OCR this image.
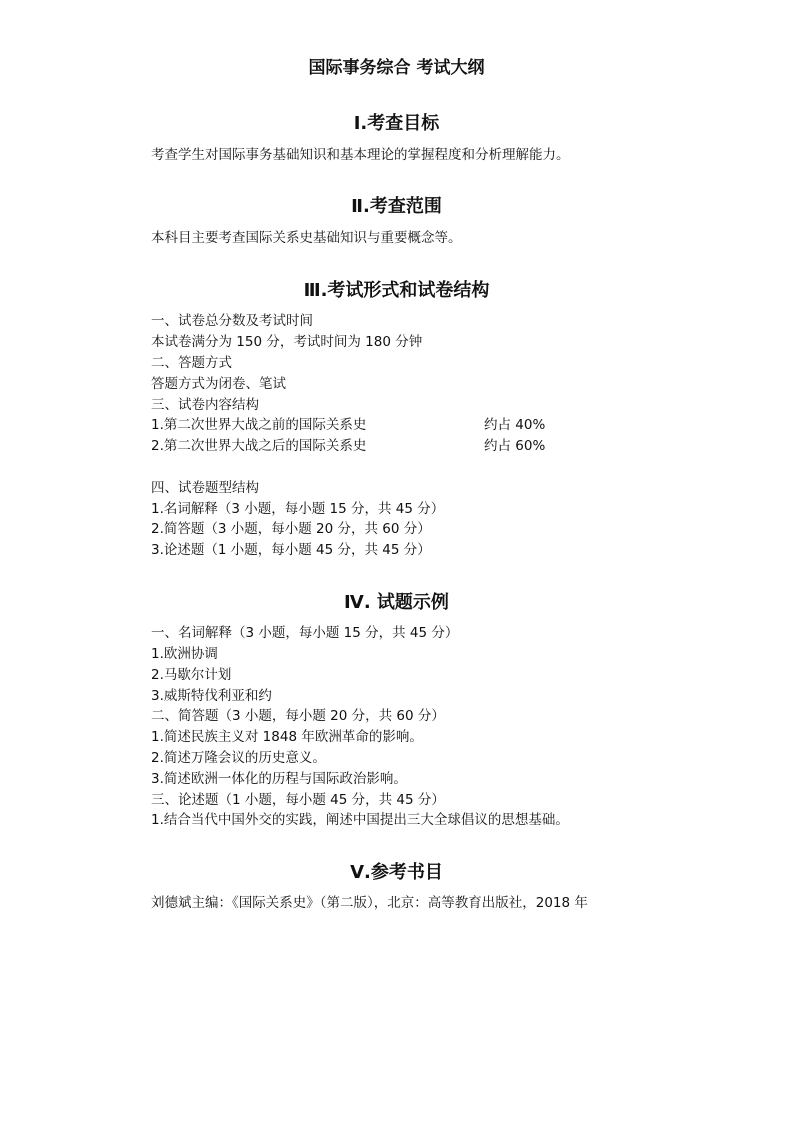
国际事务综合 考试大纲
Ⅰ.考查目标
考查学生对国际事务基础知识和基本理论的掌握程度和分析理解能力。
Ⅱ.考查范围
本科目主要考查国际关系史基础知识与重要概念等。
Ⅲ.考试形式和试卷结构
一、试卷总分数及考试时间
本试卷满分为 150 分，考试时间为 180 分钟
二、答题方式
答题方式为闭卷、笔试
三、试卷内容结构
1.第二次世界大战之前的国际关系史	约占 40%
2.第二次世界大战之后的国际关系史	约占 60%
四、试卷题型结构
1.名词解释（3 小题，每小题 15 分，共 45 分）
2.简答题（3 小题，每小题 20 分，共 60 分）
3.论述题（1 小题，每小题 45 分，共 45 分）
Ⅳ. 试题示例
一、名词解释（3 小题，每小题 15 分，共 45 分）
1.欧洲协调
2.马歇尔计划
3.威斯特伐利亚和约
二、简答题（3 小题，每小题 20 分，共 60 分）
1.简述民族主义对 1848 年欧洲革命的影响。
2.简述万隆会议的历史意义。
3.简述欧洲一体化的历程与国际政治影响。
三、论述题（1 小题，每小题 45 分，共 45 分）
1.结合当代中国外交的实践，阐述中国提出三大全球倡议的思想基础。
Ⅴ.参考书目
刘德斌主编：《国际关系史》（第二版），北京：高等教育出版社，2018 年
